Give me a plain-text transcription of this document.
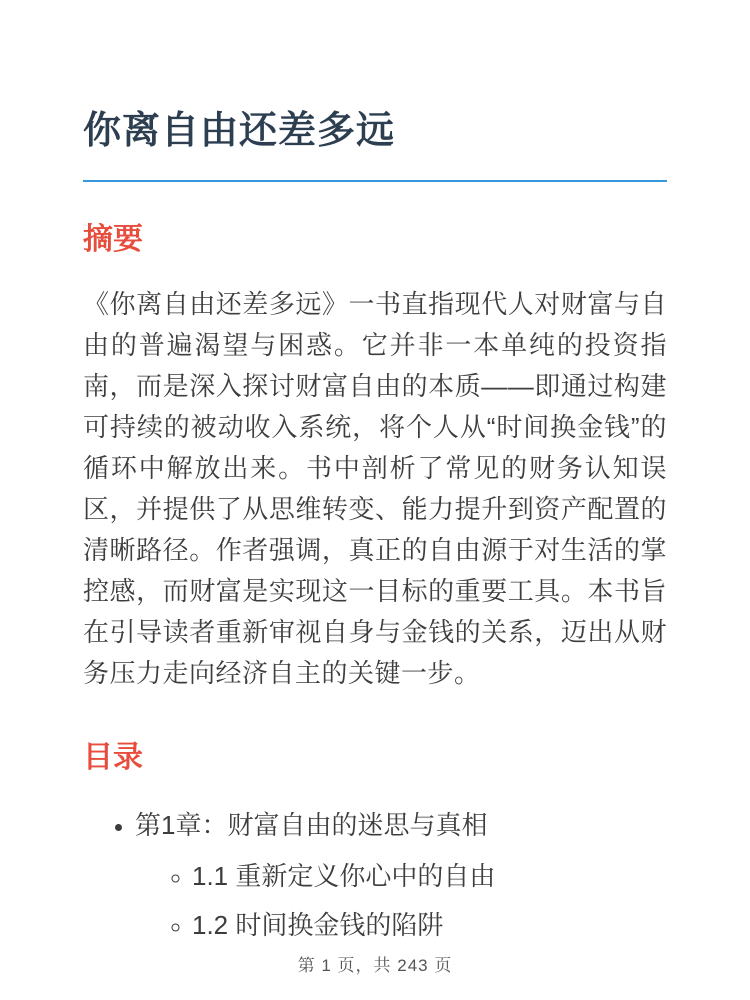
你离自由还差多远
摘要

《你离自由还差多远》一书直指现代人对财富与自由的普遍渴望与困惑。它并非一本单纯的投资指南，而是深入探讨财富自由的本质——即通过构建可持续的被动收入系统，将个人从“时间换金钱”的循环中解放出来。书中剖析了常见的财务认知误区，并提供了从思维转变、能力提升到资产配置的清晰路径。作者强调，真正的自由源于对生活的掌控感，而财富是实现这一目标的重要工具。本书旨在引导读者重新审视自身与金钱的关系，迈出从财务压力走向经济自主的关键一步。

目录
• 第1章：财富自由的迷思与真相
◦ 1.1 重新定义你心中的自由
◦ 1.2 时间换金钱的陷阱
第 1 页，共 243 页
